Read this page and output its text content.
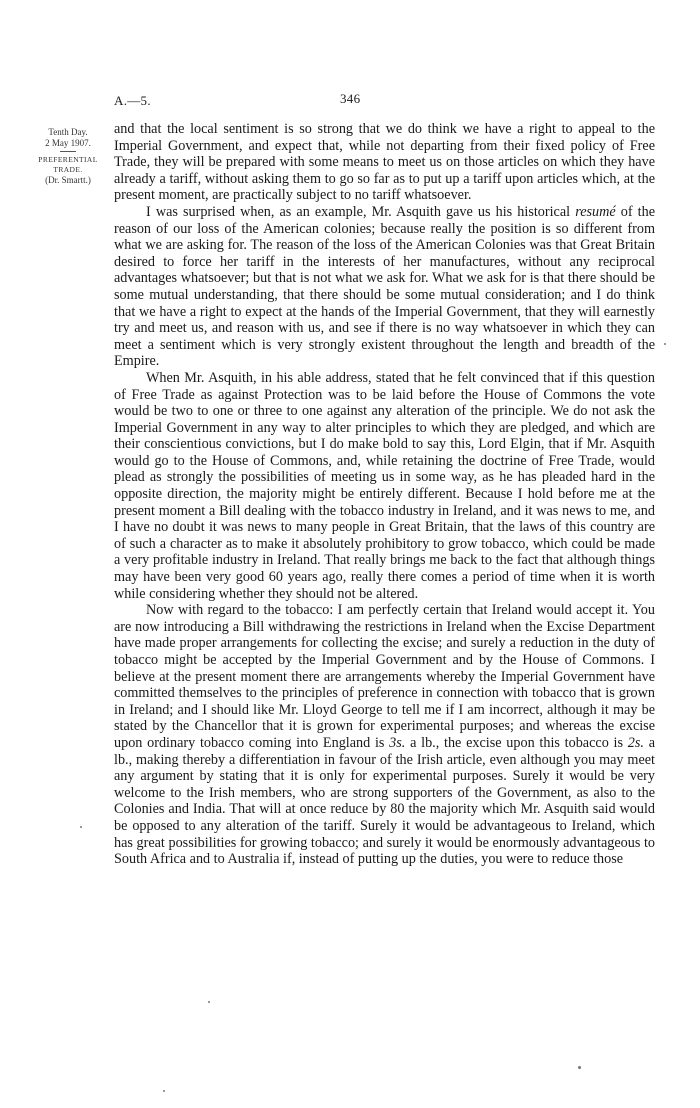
A.—5.	346
Tenth Day.
2 May 1907.
PREFERENTIAL
TRADE.
(Dr. Smartt.)

and that the local sentiment is so strong that we do think we have a right to appeal to the Imperial Government, and expect that, while not departing from their fixed policy of Free Trade, they will be prepared with some means to meet us on those articles on which they have already a tariff, without asking them to go so far as to put up a tariff upon articles which, at the present moment, are practically subject to no tariff whatsoever.

I was surprised when, as an example, Mr. Asquith gave us his historical resumé of the reason of our loss of the American colonies; because really the position is so different from what we are asking for. The reason of the loss of the American Colonies was that Great Britain desired to force her tariff in the interests of her manufactures, without any reciprocal advantages whatsoever; but that is not what we ask for. What we ask for is that there should be some mutual understanding, that there should be some mutual consideration; and I do think that we have a right to expect at the hands of the Imperial Government, that they will earnestly try and meet us, and reason with us, and see if there is no way whatsoever in which they can meet a sentiment which is very strongly existent throughout the length and breadth of the Empire.

When Mr. Asquith, in his able address, stated that he felt convinced that if this question of Free Trade as against Protection was to be laid before the House of Commons the vote would be two to one or three to one against any alteration of the principle. We do not ask the Imperial Government in any way to alter principles to which they are pledged, and which are their conscientious convictions, but I do make bold to say this, Lord Elgin, that if Mr. Asquith would go to the House of Commons, and, while retaining the doctrine of Free Trade, would plead as strongly the possibilities of meeting us in some way, as he has pleaded hard in the opposite direction, the majority might be entirely different. Because I hold before me at the present moment a Bill dealing with the tobacco industry in Ireland, and it was news to me, and I have no doubt it was news to many people in Great Britain, that the laws of this country are of such a character as to make it absolutely prohibitory to grow tobacco, which could be made a very profitable industry in Ireland. That really brings me back to the fact that although things may have been very good 60 years ago, really there comes a period of time when it is worth while considering whether they should not be altered.

Now with regard to the tobacco: I am perfectly certain that Ireland would accept it. You are now introducing a Bill withdrawing the restrictions in Ireland when the Excise Department have made proper arrangements for collecting the excise; and surely a reduction in the duty of tobacco might be accepted by the Imperial Government and by the House of Commons. I believe at the present moment there are arrangements whereby the Imperial Government have committed themselves to the principles of preference in connection with tobacco that is grown in Ireland; and I should like Mr. Lloyd George to tell me if I am incorrect, although it may be stated by the Chancellor that it is grown for experimental purposes; and whereas the excise upon ordinary tobacco coming into England is 3s. a lb., the excise upon this tobacco is 2s. a lb., making thereby a differentiation in favour of the Irish article, even although you may meet any argument by stating that it is only for experimental purposes. Surely it would be very welcome to the Irish members, who are strong supporters of the Government, as also to the Colonies and India. That will at once reduce by 80 the majority which Mr. Asquith said would be opposed to any alteration of the tariff. Surely it would be advantageous to Ireland, which has great possibilities for growing tobacco; and surely it would be enormously advantageous to South Africa and to Australia if, instead of putting up the duties, you were to reduce those
